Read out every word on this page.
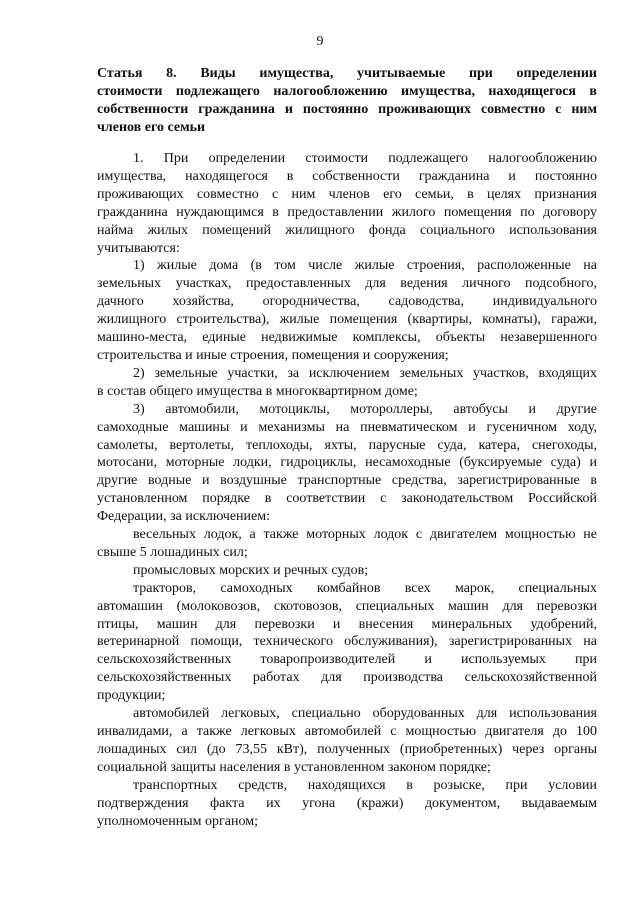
9
Статья 8. Виды имущества, учитываемые при определении
стоимости подлежащего налогообложению имущества, находящегося в
собственности гражданина и постоянно проживающих совместно с ним
членов его семьи
1. При определении стоимости подлежащего налогообложению
имущества, находящегося в собственности гражданина и постоянно
проживающих совместно с ним членов его семьи, в целях признания
гражданина нуждающимся в предоставлении жилого помещения по договору
найма жилых помещений жилищного фонда социального использования
учитываются:
1) жилые дома (в том числе жилые строения, расположенные на
земельных участках, предоставленных для ведения личного подсобного,
дачного хозяйства, огородничества, садоводства, индивидуального
жилищного строительства), жилые помещения (квартиры, комнаты), гаражи,
машино-места, единые недвижимые комплексы, объекты незавершенного
строительства и иные строения, помещения и сооружения;
2) земельные участки, за исключением земельных участков, входящих
в состав общего имущества в многоквартирном доме;
3) автомобили, мотоциклы, мотороллеры, автобусы и другие
самоходные машины и механизмы на пневматическом и гусеничном ходу,
самолеты, вертолеты, теплоходы, яхты, парусные суда, катера, снегоходы,
мотосани, моторные лодки, гидроциклы, несамоходные (буксируемые суда) и
другие водные и воздушные транспортные средства, зарегистрированные в
установленном порядке в соответствии с законодательством Российской
Федерации, за исключением:
весельных лодок, а также моторных лодок с двигателем мощностью не
свыше 5 лошадиных сил;
промысловых морских и речных судов;
тракторов, самоходных комбайнов всех марок, специальных
автомашин (молоковозов, скотовозов, специальных машин для перевозки
птицы, машин для перевозки и внесения минеральных удобрений,
ветеринарной помощи, технического обслуживания), зарегистрированных на
сельскохозяйственных товаропроизводителей и используемых при
сельскохозяйственных работах для производства сельскохозяйственной
продукции;
автомобилей легковых, специально оборудованных для использования
инвалидами, а также легковых автомобилей с мощностью двигателя до 100
лошадиных сил (до 73,55 кВт), полученных (приобретенных) через органы
социальной защиты населения в установленном законом порядке;
транспортных средств, находящихся в розыске, при условии
подтверждения факта их угона (кражи) документом, выдаваемым
уполномоченным органом;
